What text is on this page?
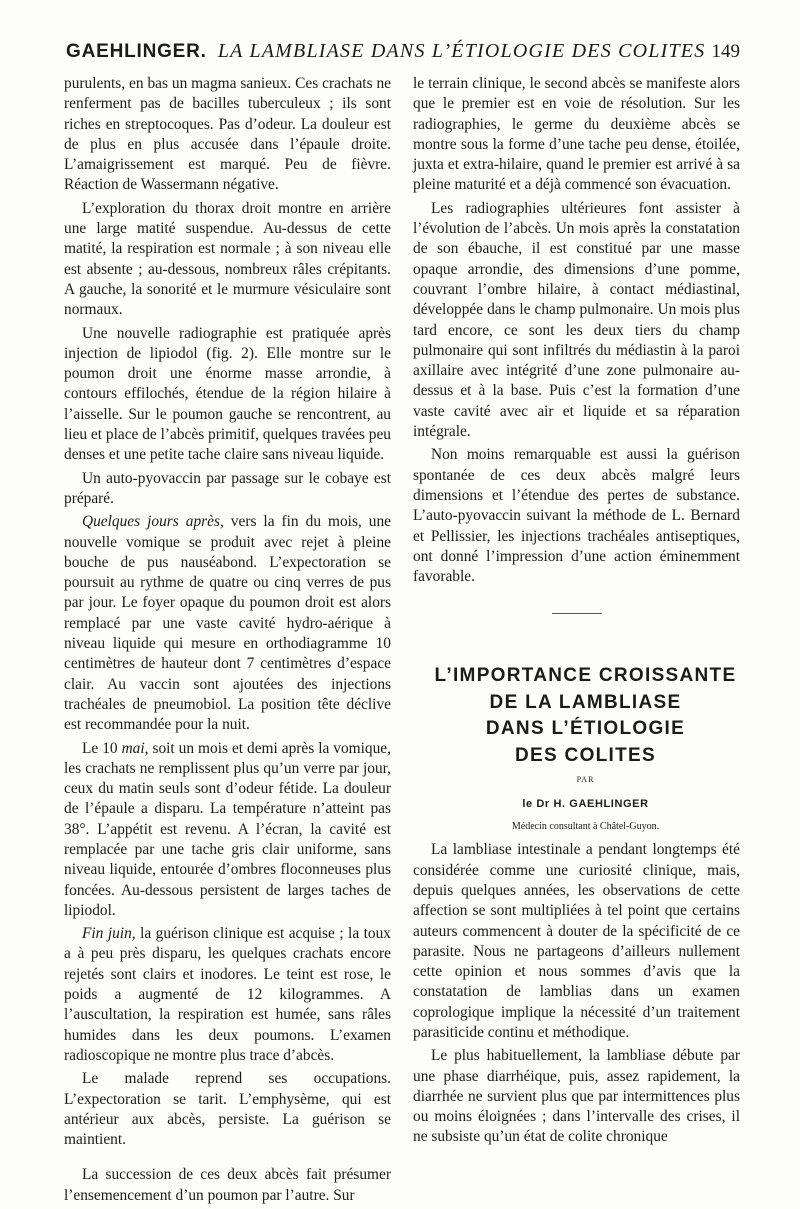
GAEHLINGER. LA LAMBLIASE DANS L’ÉTIOLOGIE DES COLITES 149

purulents, en bas un magma sanieux. Ces crachats ne renferment pas de bacilles tuberculeux ; ils sont riches en streptocoques. Pas d’odeur. La douleur est de plus en plus accusée dans l’épaule droite. L’amaigrissement est marqué. Peu de fièvre. Réaction de Wassermann négative.

L’exploration du thorax droit montre en arrière une large matité suspendue. Au-dessus de cette matité, la respiration est normale ; à son niveau elle est absente ; au-dessous, nombreux râles crépitants. A gauche, la sonorité et le murmure vésiculaire sont normaux.

Une nouvelle radiographie est pratiquée après injection de lipiodol (fig. 2). Elle montre sur le poumon droit une énorme masse arrondie, à contours effilochés, étendue de la région hilaire à l’aisselle. Sur le poumon gauche se rencontrent, au lieu et place de l’abcès primitif, quelques travées peu denses et une petite tache claire sans niveau liquide.

Un auto-pyovaccin par passage sur le cobaye est préparé.

Quelques jours après, vers la fin du mois, une nouvelle vomique se produit avec rejet à pleine bouche de pus nauséabond. L’expectoration se poursuit au rythme de quatre ou cinq verres de pus par jour. Le foyer opaque du poumon droit est alors remplacé par une vaste cavité hydro-aérique à niveau liquide qui mesure en orthodiagramme 10 centimètres de hauteur dont 7 centimètres d’espace clair. Au vaccin sont ajoutées des injections trachéales de pneumobiol. La position tête déclive est recommandée pour la nuit.

Le 10 mai, soit un mois et demi après la vomique, les crachats ne remplissent plus qu’un verre par jour, ceux du matin seuls sont d’odeur fétide. La douleur de l’épaule a disparu. La température n’atteint pas 38°. L’appétit est revenu. A l’écran, la cavité est remplacée par une tache gris clair uniforme, sans niveau liquide, entourée d’ombres floconneuses plus foncées. Au-dessous persistent de larges taches de lipiodol.

Fin juin, la guérison clinique est acquise ; la toux a à peu près disparu, les quelques crachats encore rejetés sont clairs et inodores. Le teint est rose, le poids a augmenté de 12 kilogrammes. A l’auscultation, la respiration est humée, sans râles humides dans les deux poumons. L’examen radioscopique ne montre plus trace d’abcès.

Le malade reprend ses occupations. L’expectoration se tarit. L’emphysème, qui est antérieur aux abcès, persiste. La guérison se maintient.

La succession de ces deux abcès fait présumer l’ensemencement d’un poumon par l’autre. Sur

le terrain clinique, le second abcès se manifeste alors que le premier est en voie de résolution. Sur les radiographies, le germe du deuxième abcès se montre sous la forme d’une tache peu dense, étoilée, juxta et extra-hilaire, quand le premier est arrivé à sa pleine maturité et a déjà commencé son évacuation.

Les radiographies ultérieures font assister à l’évolution de l’abcès. Un mois après la constatation de son ébauche, il est constitué par une masse opaque arrondie, des dimensions d’une pomme, couvrant l’ombre hilaire, à contact médiastinal, développée dans le champ pulmonaire. Un mois plus tard encore, ce sont les deux tiers du champ pulmonaire qui sont infiltrés du médiastin à la paroi axillaire avec intégrité d’une zone pulmonaire au-dessus et à la base. Puis c’est la formation d’une vaste cavité avec air et liquide et sa réparation intégrale.

Non moins remarquable est aussi la guérison spontanée de ces deux abcès malgré leurs dimensions et l’étendue des pertes de substance. L’auto-pyovaccin suivant la méthode de L. Bernard et Pellissier, les injections trachéales antiseptiques, ont donné l’impression d’une action éminemment favorable.

L’IMPORTANCE CROISSANTE

DE LA LAMBLIASE

DANS L’ÉTIOLOGIE

DES COLITES

PAR

le Dr H. GAEHLINGER

Médecin consultant à Châtel-Guyon.

La lambliase intestinale a pendant longtemps été considérée comme une curiosité clinique, mais, depuis quelques années, les observations de cette affection se sont multipliées à tel point que certains auteurs commencent à douter de la spécificité de ce parasite. Nous ne partageons d’ailleurs nullement cette opinion et nous sommes d’avis que la constatation de lamblias dans un examen coprologique implique la nécessité d’un traitement parasiticide continu et méthodique.

Le plus habituellement, la lambliase débute par une phase diarrhéique, puis, assez rapidement, la diarrhée ne survient plus que par intermittences plus ou moins éloignées ; dans l’intervalle des crises, il ne subsiste qu’un état de colite chronique
